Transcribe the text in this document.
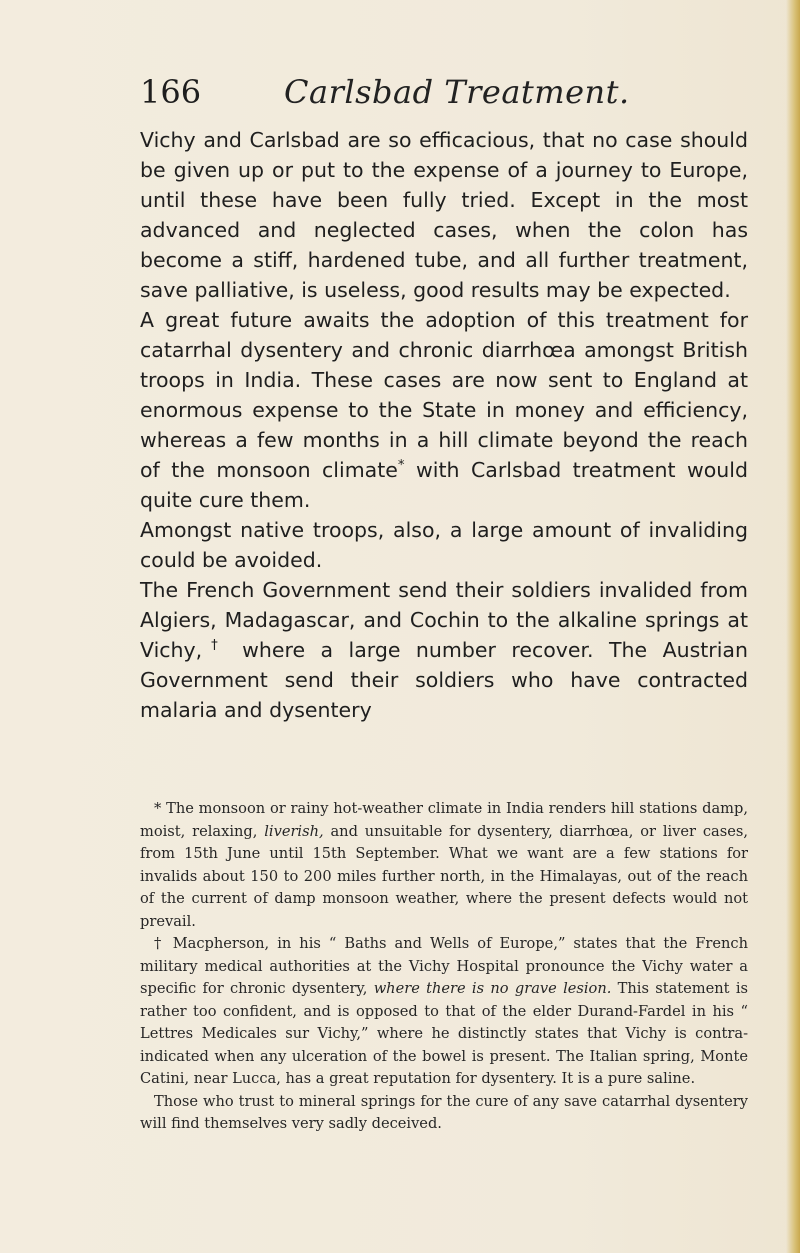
166	Carlsbad Treatment.

Vichy and Carlsbad are so efficacious, that no case should be given up or put to the expense of a journey to Europe, until these have been fully tried. Except in the most advanced and neglected cases, when the colon has become a stiff, hardened tube, and all further treatment, save palliative, is useless, good results may be expected.

A great future awaits the adoption of this treatment for catarrhal dysentery and chronic diarrhœa amongst British troops in India. These cases are now sent to England at enormous expense to the State in money and efficiency, whereas a few months in a hill climate beyond the reach of the monsoon climate* with Carlsbad treatment would quite cure them.

Amongst native troops, also, a large amount of invaliding could be avoided.

The French Government send their soldiers invalided from Algiers, Madagascar, and Cochin to the alkaline springs at Vichy,† where a large number recover. The Austrian Government send their soldiers who have contracted malaria and dysentery

* The monsoon or rainy hot-weather climate in India renders hill stations damp, moist, relaxing, liverish, and unsuitable for dysentery, diarrhœa, or liver cases, from 15th June until 15th September. What we want are a few stations for invalids about 150 to 200 miles further north, in the Himalayas, out of the reach of the current of damp monsoon weather, where the present defects would not prevail.

† Macpherson, in his “ Baths and Wells of Europe,” states that the French military medical authorities at the Vichy Hospital pronounce the Vichy water a specific for chronic dysentery, where there is no grave lesion. This statement is rather too confident, and is opposed to that of the elder Durand-Fardel in his “ Lettres Medicales sur Vichy,” where he distinctly states that Vichy is contra-indicated when any ulceration of the bowel is present. The Italian spring, Monte Catini, near Lucca, has a great reputation for dysentery. It is a pure saline.

Those who trust to mineral springs for the cure of any save catarrhal dysentery will find themselves very sadly deceived.
